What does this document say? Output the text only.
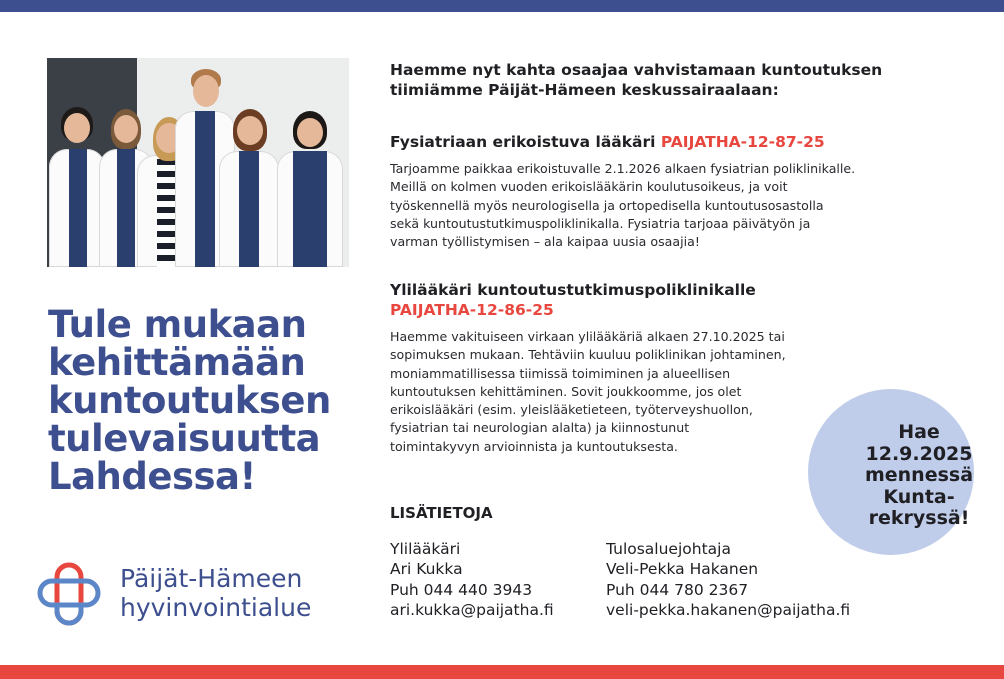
Haemme nyt kahta osaajaa vahvistamaan kuntoutuksen
tiimiämme Päijät-Hämeen keskussairaalaan:
Fysiatriaan erikoistuva lääkäri PAIJATHA-12-87-25
Tarjoamme paikkaa erikoistuvalle 2.1.2026 alkaen fysiatrian poliklinikalle.
Meillä on kolmen vuoden erikoislääkärin koulutusoikeus, ja voit
työskennellä myös neurologisella ja ortopedisella kuntoutusosastolla
sekä kuntoutustutkimuspoliklinikalla. Fysiatria tarjoaa päivätyön ja
varman työllistymisen – ala kaipaa uusia osaajia!
Ylilääkäri kuntoutustutkimuspoliklinikalle
PAIJATHA-12-86-25
Haemme vakituiseen virkaan ylilääkäriä alkaen 27.10.2025 tai
sopimuksen mukaan. Tehtäviin kuuluu poliklinikan johtaminen,
moniammatillisessa tiimissä toimiminen ja alueellisen
kuntoutuksen kehittäminen. Sovit joukkoomme, jos olet
erikoislääkäri (esim. yleislääketieteen, työterveyshuollon,
fysiatrian tai neurologian alalta) ja kiinnostunut
toimintakyvyn arvioinnista ja kuntoutuksesta.
Tule mukaan
kehittämään
kuntoutuksen
tulevaisuutta
Lahdessa!
Päijät-Hämeen
hyvinvointialue
LISÄTIETOJA
Ylilääkäri
Ari Kukka
Puh 044 440 3943
ari.kukka@paijatha.fi
Tulosaluejohtaja
Veli-Pekka Hakanen
Puh 044 780 2367
veli-pekka.hakanen@paijatha.fi
Hae
12.9.2025
mennessä
Kunta-
rekryssä!
